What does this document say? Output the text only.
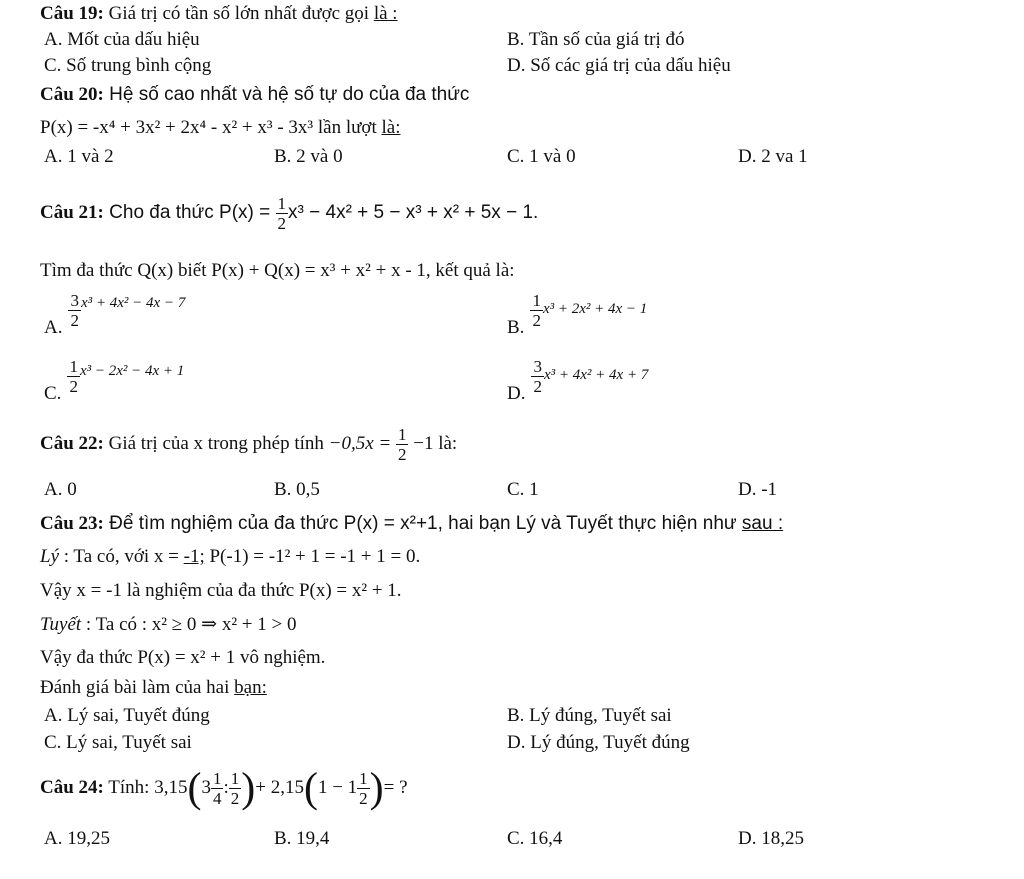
Câu 19: Giá trị có tần số lớn nhất được gọi là :
A. Mốt của dấu hiệu	B. Tần số của giá trị đó
C. Số trung bình cộng	D. Số các giá trị của dấu hiệu
Câu 20: Hệ số cao nhất và hệ số tự do của đa thức
P(x) = -x⁴ + 3x² + 2x⁴ - x² + x³ - 3x³ lần lượt là:
A. 1 và 2	B. 2 và 0	C. 1 và 0	D. 2 va 1
Câu 21: Cho đa thức $P(x) = \frac{1}{2} x^3 - 4x^2 + 5 - x^3 + x^2 + 5x - 1$.
Tìm đa thức Q(x) biết P(x) + Q(x) = x³ + x² + x - 1, kết quả là:
A. $\frac{3}{2} ^{x^3 + 4x^2 - 4x - 7}$
B. $\frac{1}{2} x^3 + 2x^2 + 4x - 1$
C. $\frac{1}{2} ^{x^3 - 2x^2 - 4x + 1}$
D. $\frac{3}{2} x^3 + 4x^2 + 4x + 7$
Câu 22: Giá trị của x trong phép tính $-0,5x = \frac{1}{2} -1$ là:
A. 0	B. 0,5	C. 1	D. -1
Câu 23: Để tìm nghiệm của đa thức P(x) = x²+1, hai bạn Lý và Tuyết thực hiện như sau :
Lý : Ta có, với x = -1; P(-1) = -1² + 1 = -1 + 1 = 0.
Vậy x = -1 là nghiệm của đa thức P(x) = x² + 1.
Tuyết : Ta có : x² ≥ 0 ⇒ x² + 1 > 0
Vậy đa thức P(x) = x² + 1 vô nghiệm.
Đánh giá bài làm của hai bạn:
A. Lý sai, Tuyết đúng	B. Lý đúng, Tuyết sai
C. Lý sai, Tuyết sai	D. Lý đúng, Tuyết đúng
Câu 24: Tính: $3,15(3 \frac{1}{4}$ : $\frac{1}{2}$ )+ $2,15(1 - 1 \frac{1}{2}$ )= ?
A. 19,25	B. 19,4	C. 16,4	D. 18,25
